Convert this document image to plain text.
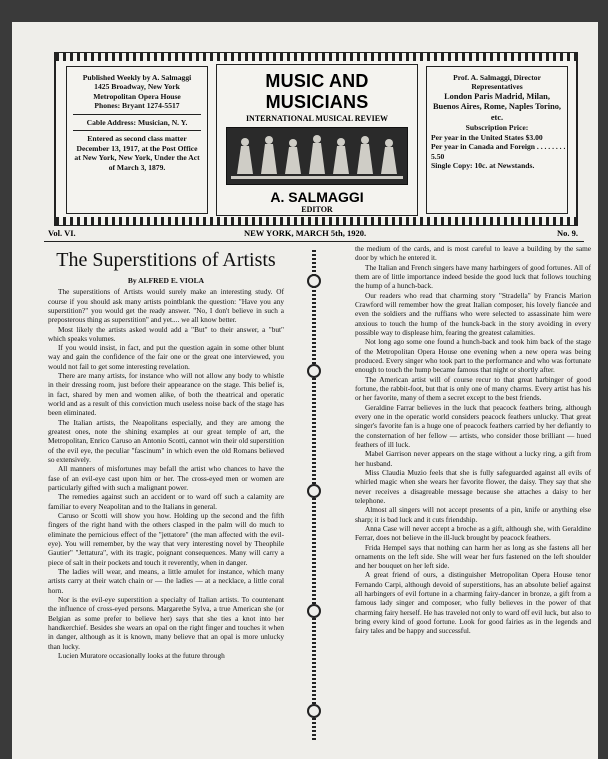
Published Weekly by A. Salmaggi
1425 Broadway, New York
Metropolitan Opera House
Phones: Bryant 1274-5517
Cable Address: Musician, N. Y.
Entered as second class matter December 13, 1917, at the Post Office at New York, New York, Under the Act of March 3, 1879.
MUSIC AND MUSICIANS
INTERNATIONAL MUSICAL REVIEW
A. SALMAGGI
EDITOR
Prof. A. Salmaggi, Director
Representatives
London Paris Madrid, Milan, Buenos Aires, Rome, Naples Torino, etc.
Subscription Price:
Per year in the United States $3.00
Per year in Canada and Foreign . . . . . . . . 5.50
Single Copy: 10c. at Newstands.
Vol. VI.	NEW YORK, MARCH 5th, 1920.	No. 9.
The Superstitions of Artists
By ALFRED E. VIOLA

The superstitions of Artists would surely make an interesting study. Of course if you should ask many artists pointblank the question: "Have you any superstition?" you would get the ready answer. "No, I don't believe in such a preposterous thing as superstition" and yet.... we all know better.

Most likely the artists asked would add a "But" to their answer, a "but" which speaks volumes.

If you would insist, in fact, and put the question again in some other blunt way and gain the confidence of the fair one or the great one interviewed, you would not fail to get some interesting revelation.

There are many artists, for instance who will not allow any body to whistle in their dressing room, just before their appearance on the stage. This belief is, in fact, shared by men and women alike, of both the theatrical and operatic world and as a result of this conviction much useless noise back of the stage has been eliminated.

The Italian artists, the Neapolitans especially, and they are among the greatest ones, note the shining examples at our great temple of art, the Metropolitan, Enrico Caruso an Antonio Scotti, cannot win their old superstition of the evil eye, the peculiar "fascinum" in which even the old Romans believed so extensively.

All manners of misfortunes may befall the artist who chances to have the fase of an evil-eye cast upon him or her. The cross-eyed men or women are particularly gifted with such a malignant power.

The remedies against such an accident or to ward off such a calamity are familiar to every Neapolitan and to the Italians in general.

Caruso or Scotti will show you how. Holding up the second and the fifth fingers of the right hand with the others clasped in the palm will do much to eliminate the pernicious effect of the "jettatore" (the man affected with the evil-eye). You will remember, by the way that very interesting novel by Theophile Gautier" "Jettatura", with its tragic, poignant consequences. Many will carry a piece of salt in their pockets and touch it reverently, when in danger.

The ladies will wear, and means, a little amulet for instance, which many artists carry at their watch chain or — the ladies — at a necklace, a little coral horn.

Nor is the evil-eye superstition a specialty of Italian artists. To countenant the influence of cross-eyed persons. Margarethe Sylva, a true American she (or Belgian as some prefer to believe her) says that she ties a knot into her handkerchief. Besides she wears an opal on the right finger and touches it when in danger, although as it is known, many believe that an opal is more unlucky than lucky.

Lucien Muratore occasionally looks at the future through

the medium of the cards, and is most careful to leave a building by the same door by which he entered it.

The Italian and French singers have many harbingers of good fortunes. All of them are of little importance indeed beside the good luck that follows touching the hump of a hunch-back.

Our readers who read that charming story "Stradella" by Francis Marion Crawford will remember how the great Italian composer, his lovely fiancée and even the soldiers and the ruffians who were selected to assassinate him were anxious to touch the hump of the hunck-back in the story avoiding in every possible way to displease him, fearing the greatest calamities.

Not long ago some one found a hunch-back and took him back of the stage of the Metropolitan Opera House one evening when a new opera was being produced. Every singer who took part to the performance and who was fortunate enough to touch the hump became famous that night or shortly after.

The American artist will of course recur to that great harbinger of good fortune, the rabbit-foot, but that is only one of many charms. Every artist has his or her favorite, many of them a secret except to the best friends.

Geraldine Farrar believes in the luck that peacock feathers bring, although every one in the operatic world considers peacock feathers unlucky. That great singer's favorite fan is a huge one of peacock feathers carried by her defiantly to the consternation of her fellow — artists, who consider those brilliant — hued feathers of ill luck.

Mabel Garrison never appears on the stage without a lucky ring, a gift from her husband.

Miss Claudia Muzio feels that she is fully safeguarded against all evils of whirled magic when she wears her favorite flower, the daisy. They say that she never receives a disagreable message because she attaches a daisy to her telephone.

Almost all singers will not accept presents of a pin, knife or anything else sharp; it is bad luck and it cuts friendship.

Anna Case will never accept a broche as a gift, although she, with Geraldine Ferrar, does not believe in the ill-luck brought by peacock feathers.

Frida Hempel says that nothing can harm her as long as she fastens all her ornaments on the left side. She will wear her furs fastened on the left shoulder and her bouquet on her left side.

A great friend of ours, a distinguisher Metropolitan Opera House tenor Fernando Carpi, although devoid of superstitions, has an absolute belief against all harbingers of evil fortune in a charming fairy-dancer in bronze, a gift from a famous lady singer and composer, who fully believes in the power of that charming fairy herself. He has traveled not only to ward off evil luck, but also to bring every kind of good fortune. Look for good fairies as in the legends and fairy tales and be happy and successful.
